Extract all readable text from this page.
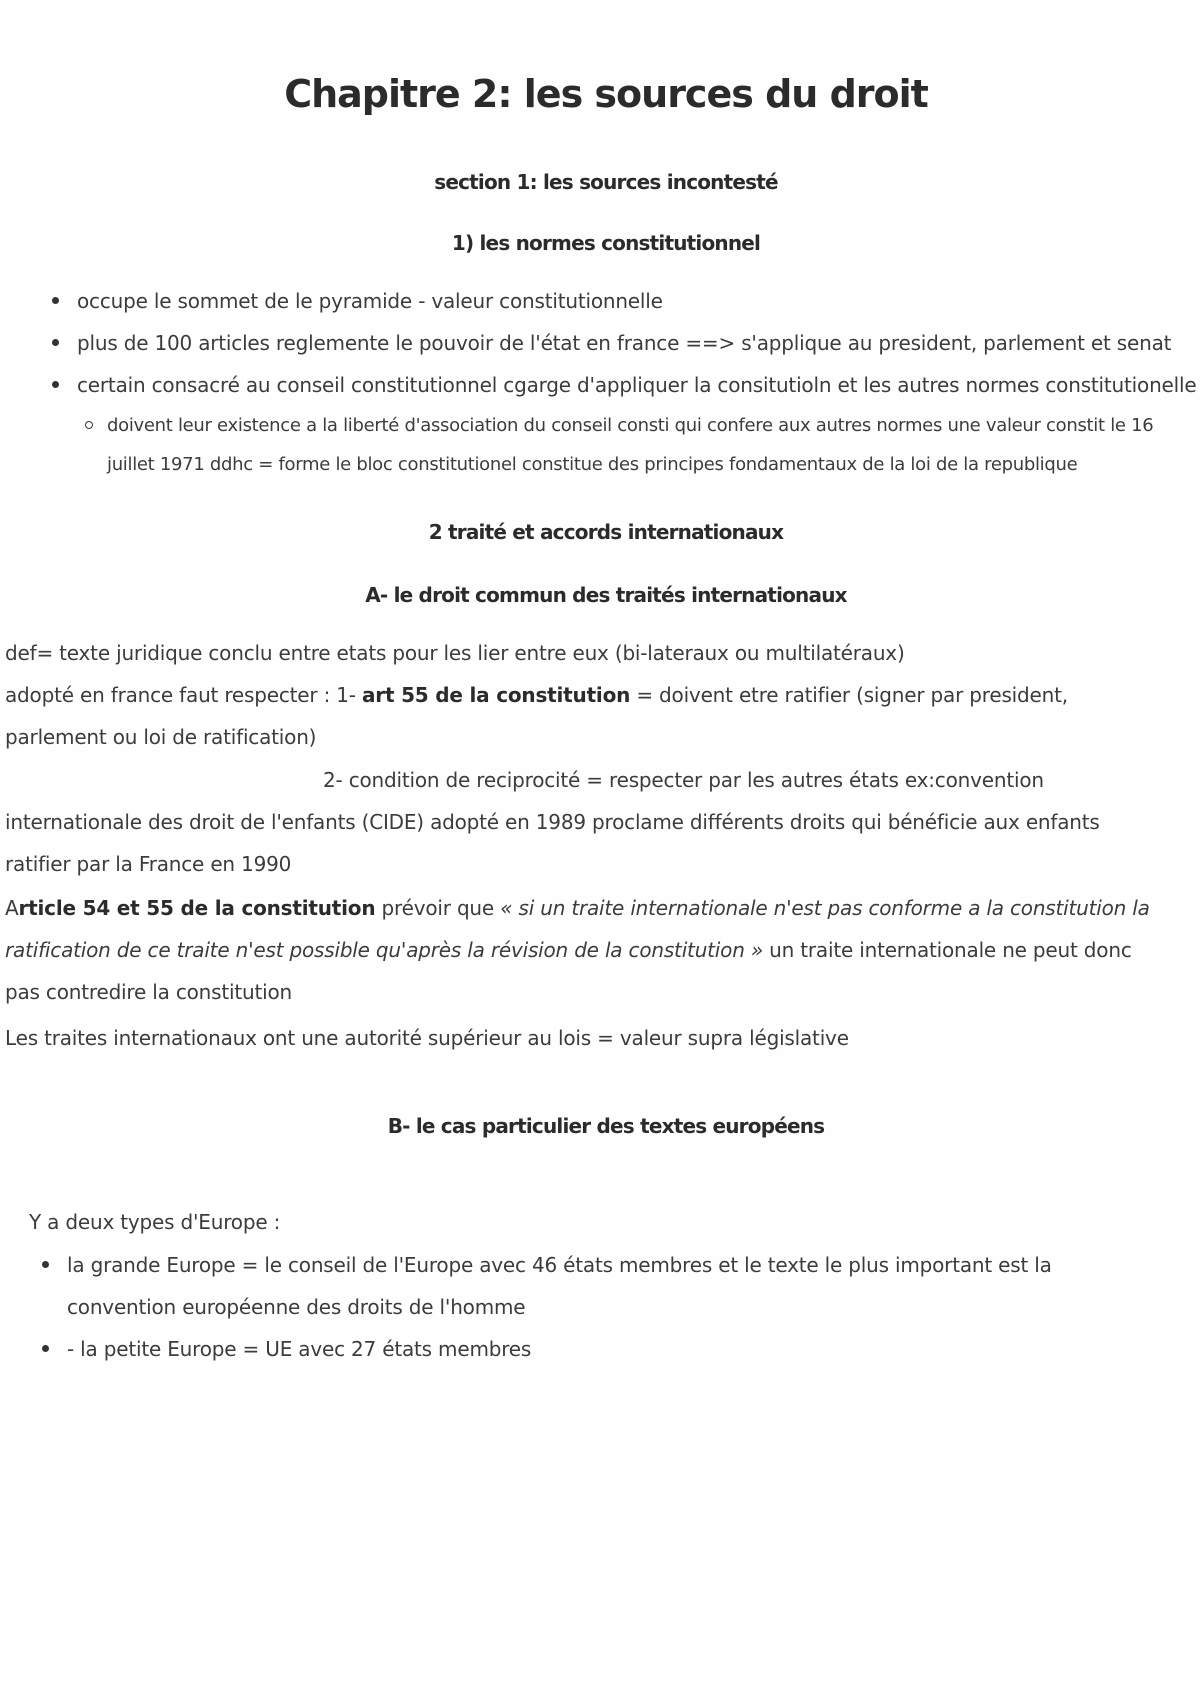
Chapitre 2: les sources du droit
section 1: les sources incontesté
1) les normes constitutionnel
occupe le sommet de le pyramide - valeur constitutionnelle
plus de 100 articles reglemente le pouvoir de l'état en france ==> s'applique au president, parlement et senat
certain consacré au conseil constitutionnel cgarge d'appliquer la consitutioln et les autres normes constitutionelle
doivent leur existence a la liberté d'association du conseil consti qui confere aux autres normes une valeur constit le 16 juillet 1971 ddhc = forme le bloc constitutionel constitue des principes fondamentaux de la loi de la republique
2 traité et accords internationaux
A- le droit commun des traités internationaux

def= texte juridique conclu entre etats pour les lier entre eux (bi-lateraux ou multilatéraux)

adopté en france faut respecter : 1- art 55 de la constitution = doivent etre ratifier (signer par president, parlement ou loi de ratification)

2- condition de reciprocité = respecter par les autres états ex:convention
internationale des droit de l'enfants (CIDE) adopté en 1989 proclame différents droits qui bénéficie aux enfants ratifier par la France en 1990

Article 54 et 55 de la constitution prévoir que « si un traite internationale n'est pas conforme a la constitution la ratification de ce traite n'est possible qu'après la révision de la constitution » un traite internationale ne peut donc pas contredire la constitution

Les traites internationaux ont une autorité supérieur au lois = valeur supra législative

B- le cas particulier des textes européens

Y a deux types d'Europe :

la grande Europe = le conseil de l'Europe avec 46 états membres et le texte le plus important est la convention européenne des droits de l'homme
- la petite Europe = UE avec 27 états membres
